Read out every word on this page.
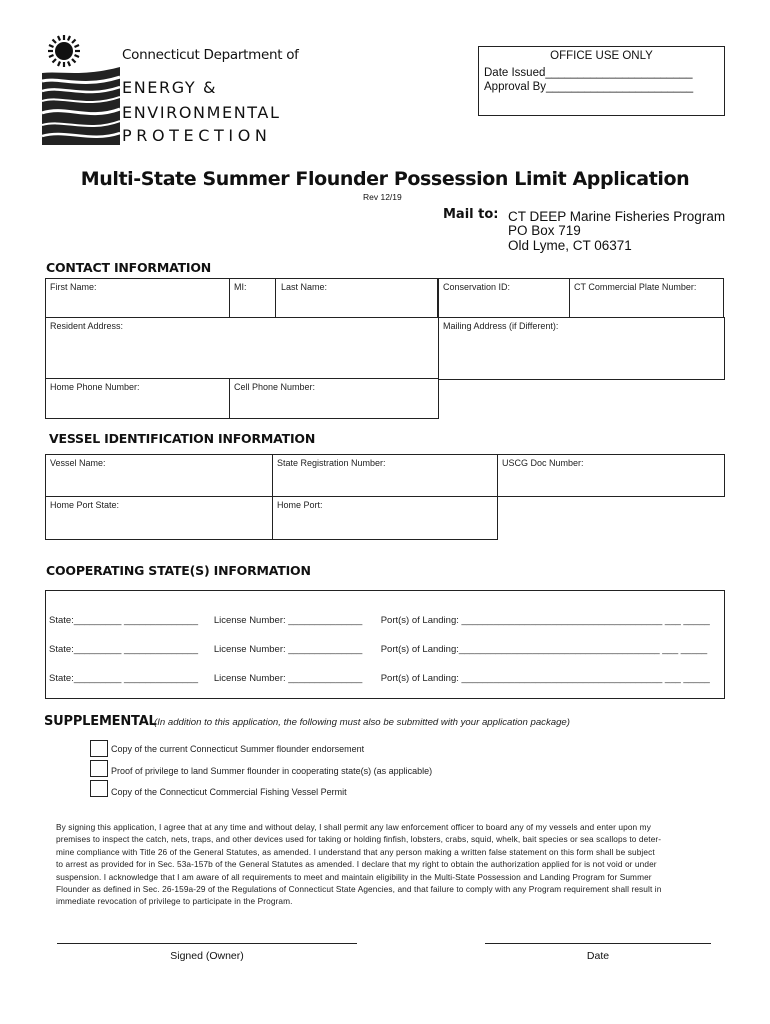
Connecticut Department of
ENERGY &
ENVIRONMENTAL
PROTECTION
OFFICE USE ONLY
Date Issued_______________________
Approval By_______________________
Multi-State Summer Flounder Possession Limit Application
Rev 12/19
Mail to: CT DEEP Marine Fisheries Program
PO Box 719
Old Lyme, CT 06371
CONTACT INFORMATION
First Name:	MI:	Last Name:	Conservation ID:	CT Commercial Plate Number:
Resident Address:	Mailing Address (if Different):
Home Phone Number:	Cell Phone Number:
VESSEL IDENTIFICATION INFORMATION
Vessel Name:	State Registration Number:	USCG Doc Number:
Home Port State:	Home Port:
COOPERATING STATE(S) INFORMATION
State:_________ ______________      License Number: ______________       Port(s) of Landing: ______________________________________ ___ _____
State:_________ ______________      License Number: ______________       Port(s) of Landing:______________________________________ ___ _____
State:_________ ______________      License Number: ______________       Port(s) of Landing: ______________________________________ ___ _____
SUPPLEMENTAL
(In addition to this application, the following must also be submitted with your application package)
Copy of the current Connecticut Summer flounder endorsement
Proof of privilege to land Summer flounder in cooperating state(s) (as applicable)
Copy of the Connecticut Commercial Fishing Vessel Permit
By signing this application, I agree that at any time and without delay, I shall permit any law enforcement officer to board any of my vessels and enter upon my
premises to inspect the catch, nets, traps, and other devices used for taking or holding finfish, lobsters, crabs, squid, whelk, bait species or sea scallops to deter-
mine compliance with Title 26 of the General Statutes, as amended. I understand that any person making a written false statement on this form shall be subject
to arrest as provided for in Sec. 53a-157b of the General Statutes as amended. I declare that my right to obtain the authorization applied for is not void or under
suspension. I acknowledge that I am aware of all requirements to meet and maintain eligibility in the Multi-State Possession and Landing Program for Summer
Flounder as defined in Sec. 26-159a-29 of the Regulations of Connecticut State Agencies, and that failure to comply with any Program requirement shall result in
immediate revocation of privilege to participate in the Program.
Signed (Owner)	Date
